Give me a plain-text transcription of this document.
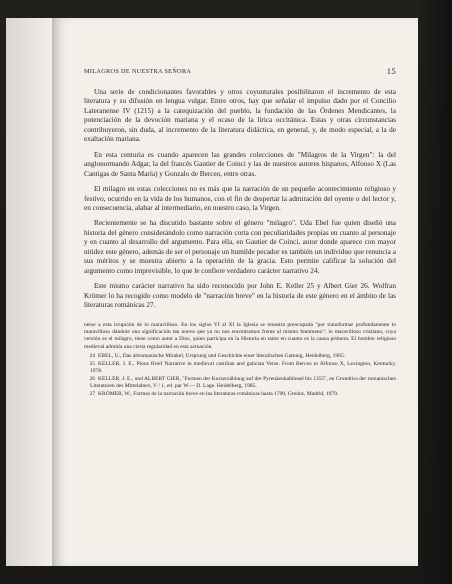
MILAGROS DE NUESTRA SEÑORA	15

Una serie de condicionantes favorables y otros coyunturales posibilitaron el incremento de esta literatura y su difusión en lengua vulgar. Entre otros, hay que señalar el impulso dado por el Concilio Lateranense IV (1215) a la catequización del pueblo, la fundación de las Órdenes Mendicantes, la potenciación de la devoción mariana y el ocaso de la lírica occitánica. Estas y otras circunstancias contribuyeron, sin duda, al incremento de la literatura didáctica, en general, y, de modo especial, a la de exaltación mariana.

En esta centuria es cuando aparecen las grandes colecciones de "Milagros de la Virgen": la del anglonormando Adgar, la del francés Gautier de Coinci y las de nuestros autores hispanos, Alfonso X (Las Cantigas de Santa María) y Gonzalo de Berceo, entre otras.

El milagro en estas colecciones no es más que la narración de un pequeño acontecimiento religioso y festivo, ocurrido en la vida de los humanos, con el fin de despertar la admiración del oyente o del lector y, en consecuencia, alabar al intermediario, en nuestro caso, la Virgen.

Recientemente se ha discutido bastante sobre el género "milagro". Uda Ebel fue quien diseñó una historia del género considerándolo como narración corta con peculiaridades propias en cuanto al personaje y en cuanto al desarrollo del argumento. Para ella, en Gautier de Coinci, autor donde aparece con mayor nitidez este género, además de ser el personaje un humilde pecador es también un individuo que renuncia a sus méritos y se muestra abierto a la operación de la gracia. Esto permite calificar la solución del argumento como imprevisible, lo que le confiere verdadero carácter narrativo 24.

Este mismo carácter narrativo ha sido reconocido por John E. Keller 25 y Albert Gier 26. Wolfran Krömer lo ha recogido como modelo de "narración breve" en la historia de este género en el ámbito de las literaturas románicas 27.

nerse a esta irrupción de lo maravilloso. En los siglos VI al XI la Iglesia se muestra preocupada "por transformar profundamente lo maravilloso dándole una significación tan nueva que ya no nos encontramos frente al mismo fenómeno": lo maravilloso cristiano, cuya versión es el milagro, tiene como autor a Dios, quien participa en la Historia en tanto en cuanto es la causa primera. El hombre religioso medieval admitía una cierta regularidad en esta actuación.

24 EBEL, U., Das altromanische Mirakel, Ursprung und Geschichte einer literalischen Gattung, Heidelberg, 1965.

25 KELLER, J. E., Pious Brief Narrative in medieval castilian and galician Verse. From Berceo to Alfonso X, Lexington, Kentucky, 1978.

26 KELLER, J. E., und ALBERT GIER, "Formen der Kurzerzählung auf der Pyrenäenhalbinsel bis 1355", en Grundriss der romanischen Literaturen des Mittelalters, V / 1, ed. par W.— D. Lage. Heidelberg, 1985.

27 KRÖMER, W., Formas de la narración breve en las literaturas románicas hasta 1700, Gredos, Madrid, 1979.
